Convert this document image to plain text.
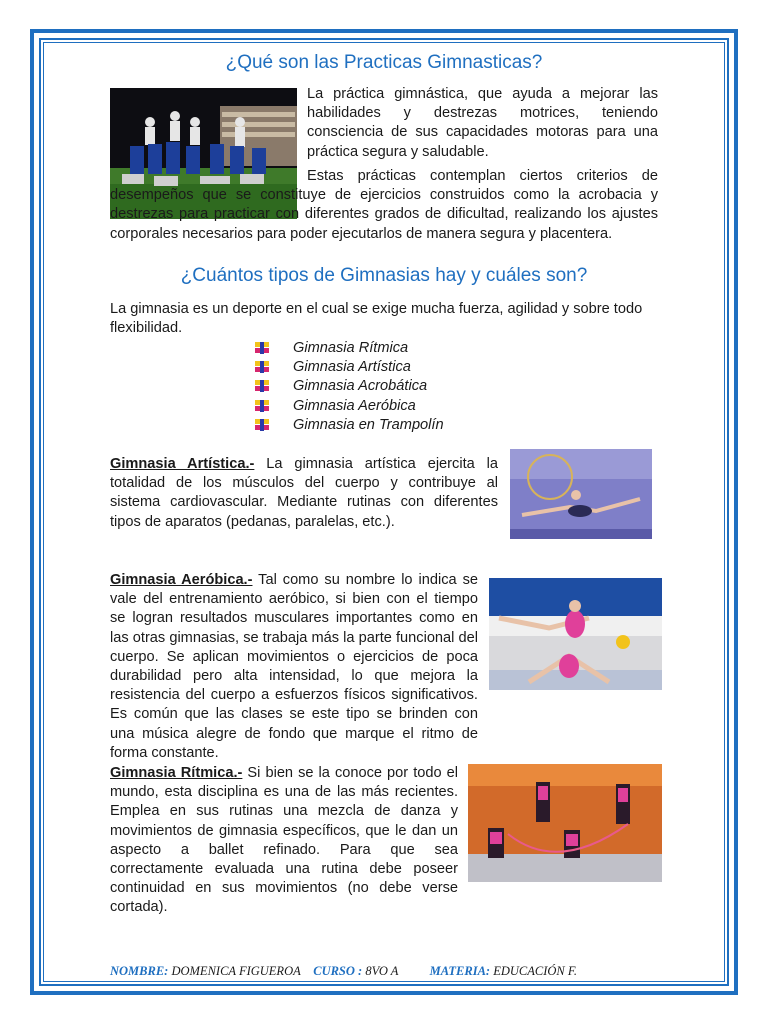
¿Qué son las Practicas Gimnasticas?

La práctica gimnástica, que ayuda a mejorar las habilidades y destrezas motrices, teniendo consciencia de sus capacidades motoras para una práctica segura y saludable.

Estas prácticas contemplan ciertos criterios de desempeños que se constituye de ejercicios construidos como la acrobacia y destrezas para practicar con diferentes grados de dificultad, realizando los ajustes corporales necesarios para poder ejecutarlos de manera segura y placentera.

¿Cuántos tipos de Gimnasias hay y cuáles son?

La gimnasia es un deporte en el cual se exige mucha fuerza, agilidad y sobre todo flexibilidad.

Gimnasia Rítmica
Gimnasia Artística
Gimnasia Acrobática
Gimnasia Aeróbica
Gimnasia en Trampolín

Gimnasia Artística.- La gimnasia artística ejercita la totalidad de los músculos del cuerpo y contribuye al sistema cardiovascular. Mediante rutinas con diferentes tipos de aparatos (pedanas, paralelas, etc.).

Gimnasia Aeróbica.- Tal como su nombre lo indica se vale del entrenamiento aeróbico, si bien con el tiempo se logran resultados musculares importantes como en las otras gimnasias, se trabaja más la parte funcional del cuerpo. Se aplican movimientos o ejercicios de poca durabilidad pero alta intensidad, lo que mejora la resistencia del cuerpo a esfuerzos físicos significativos. Es común que las clases se este tipo se brinden con una música alegre de fondo que marque el ritmo de forma constante.

Gimnasia Rítmica.- Si bien se la conoce por todo el mundo, esta disciplina es una de las más recientes. Emplea en sus rutinas una mezcla de danza y movimientos de gimnasia específicos, que le dan un aspecto a ballet refinado. Para que sea correctamente evaluada una rutina debe poseer continuidad en sus movimientos (no debe verse cortada).

NOMBRE: DOMENICA FIGUEROA CURSO : 8VO A	MATERIA: EDUCACIÓN F.
